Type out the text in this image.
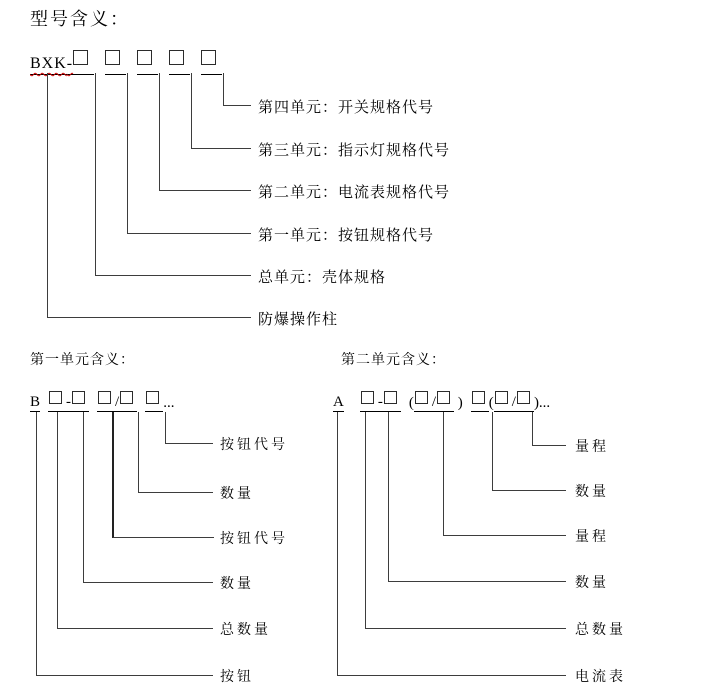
型号含义：
BXK -
第四单元：开关规格代号
第三单元：指示灯规格代号
第二单元：电流表规格代号
第一单元：按钮规格代号
总单元：壳体规格
防爆操作柱
第一单元含义：	第二单元含义：
B
-
	/
	...
按钮代号
数量
按钮代号
数量
总数量
按钮
A

-
( / )
( / )...
量程
数量
量程
数量
总数量
电流表
